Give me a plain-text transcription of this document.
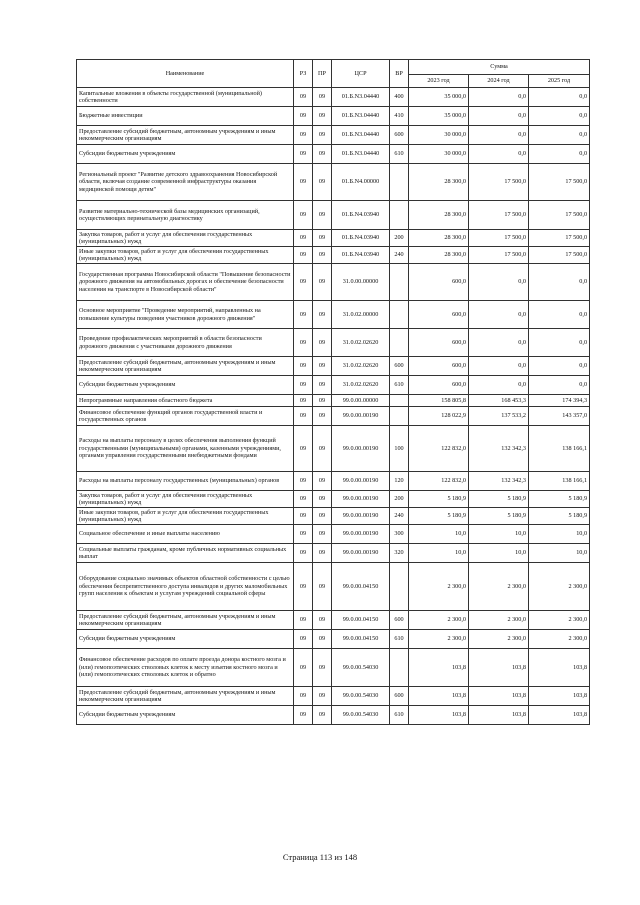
Наименование	РЗ	ПР	ЦСР	ВР	Сумма		
					2023 год	2024 год	2025 год
Капитальные вложения в объекты государственной (муниципальной) собственности	09	09	01.Б.N3.04440	400	35 000,0	0,0	0,0
Бюджетные инвестиции	09	09	01.Б.N3.04440	410	35 000,0	0,0	0,0
Предоставление субсидий бюджетным, автономным учреждениям и иным некоммерческим организациям	09	09	01.Б.N3.04440	600	30 000,0	0,0	0,0
Субсидии бюджетным учреждениям	09	09	01.Б.N3.04440	610	30 000,0	0,0	0,0
Региональный проект "Развитие детского здравоохранения Новосибирской области, включая создание современной инфраструктуры оказания медицинской помощи детям"	09	09	01.Б.N4.00000		28 300,0	17 500,0	17 500,0
Развитие материально-технической базы медицинских организаций, осуществляющих перинатальную диагностику	09	09	01.Б.N4.03940		28 300,0	17 500,0	17 500,0
Закупка товаров, работ и услуг для обеспечения государственных (муниципальных) нужд	09	09	01.Б.N4.03940	200	28 300,0	17 500,0	17 500,0
Иные закупки товаров, работ и услуг для обеспечения государственных (муниципальных) нужд	09	09	01.Б.N4.03940	240	28 300,0	17 500,0	17 500,0
Государственная программа Новосибирской области "Повышение безопасности дорожного движения на автомобильных дорогах и обеспечение безопасности населения на транспорте в Новосибирской области"	09	09	31.0.00.00000		600,0	0,0	0,0
Основное мероприятие "Проведение мероприятий, направленных на повышение культуры поведения участников дорожного движения"	09	09	31.0.02.00000		600,0	0,0	0,0
Проведение профилактических мероприятий в области безопасности дорожного движения с участниками дорожного движения	09	09	31.0.02.02620		600,0	0,0	0,0
Предоставление субсидий бюджетным, автономным учреждениям и иным некоммерческим организациям	09	09	31.0.02.02620	600	600,0	0,0	0,0
Субсидии бюджетным учреждениям	09	09	31.0.02.02620	610	600,0	0,0	0,0
Непрограммные направления областного бюджета	09	09	99.0.00.00000		158 805,8	168 453,3	174 394,3
Финансовое обеспечение функций органов государственной власти и государственных органов	09	09	99.0.00.00190		128 022,9	137 533,2	143 357,0
Расходы на выплаты персоналу в целях обеспечения выполнения функций государственными (муниципальными) органами, казенными учреждениями, органами управления государственными внебюджетными фондами	09	09	99.0.00.00190	100	122 832,0	132 342,3	138 166,1
Расходы на выплаты персоналу государственных (муниципальных) органов	09	09	99.0.00.00190	120	122 832,0	132 342,3	138 166,1
Закупка товаров, работ и услуг для обеспечения государственных (муниципальных) нужд	09	09	99.0.00.00190	200	5 180,9	5 180,9	5 180,9
Иные закупки товаров, работ и услуг для обеспечения государственных (муниципальных) нужд	09	09	99.0.00.00190	240	5 180,9	5 180,9	5 180,9
Социальное обеспечение и иные выплаты населению	09	09	99.0.00.00190	300	10,0	10,0	10,0
Социальные выплаты гражданам, кроме публичных нормативных социальных выплат	09	09	99.0.00.00190	320	10,0	10,0	10,0
Оборудование социально значимых объектов областной собственности с целью обеспечения беспрепятственного доступа инвалидов и других маломобильных групп населения к объектам и услугам учреждений социальной сферы	09	09	99.0.00.04150		2 300,0	2 300,0	2 300,0
Предоставление субсидий бюджетным, автономным учреждениям и иным некоммерческим организациям	09	09	99.0.00.04150	600	2 300,0	2 300,0	2 300,0
Субсидии бюджетным учреждениям	09	09	99.0.00.04150	610	2 300,0	2 300,0	2 300,0
Финансовое обеспечение расходов по оплате проезда донора костного мозга и (или) гемопоэтических стволовых клеток к месту изъятия костного мозга и (или) гемопоэтических стволовых клеток и обратно	09	09	99.0.00.54030		103,8	103,8	103,8
Предоставление субсидий бюджетным, автономным учреждениям и иным некоммерческим организациям	09	09	99.0.00.54030	600	103,8	103,8	103,8
Субсидии бюджетным учреждениям	09	09	99.0.00.54030	610	103,8	103,8	103,8
Страница 113 из 148
